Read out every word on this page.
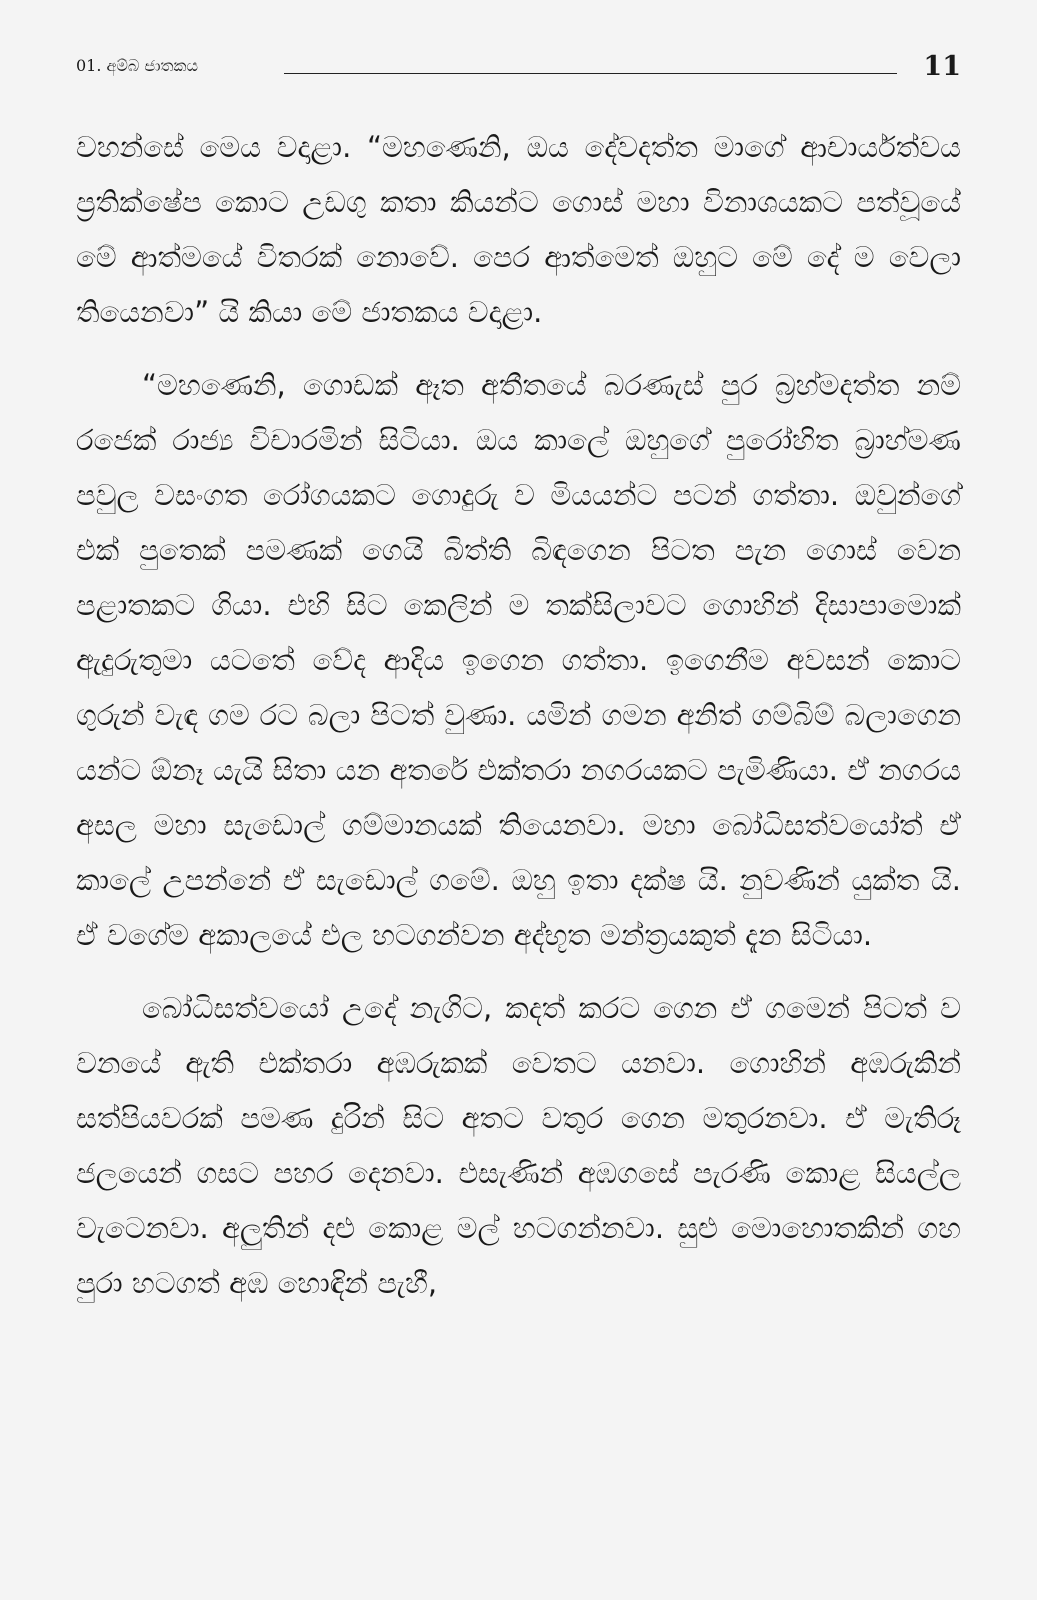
01. අම්බ ජාතකය	11

වහන්සේ මෙය වදාළා. “මහණෙනි, ඔය දේවදත්ත මාගේ ආචාර්යත්වය ප්‍රතික්ෂේප කොට උඩගු කතා කියන්ට ගොස් මහා විනාශයකට පත්වූයේ මේ ආත්මයේ විතරක් නොවේ. පෙර ආත්මෙත් ඔහුට මේ දේ ම වෙලා තියෙනවා” යි කියා මේ ජාතකය වදාළා.

“මහණෙනි, ගොඩක් ඈත අතීතයේ බරණැස් පුර බ්‍රහ්මදත්ත නම් රජෙක් රාජ්‍ය විචාරමින් සිටියා. ඔය කාලේ ඔහුගේ පුරෝහිත බ්‍රාහ්මණ පවුල වසංගත රෝගයකට ගොදුරු ව මියයන්ට පටන් ගත්තා. ඔවුන්ගේ එක් පුතෙක් පමණක් ගෙයි බිත්ති බිඳගෙන පිටත පැන ගොස් වෙන පළාතකට ගියා. එහි සිට කෙලින් ම තක්සිලාවට ගොහින් දිසාපාමොක් ඇදුරුතුමා යටතේ වේද ආදිය ඉගෙන ගත්තා. ඉගෙනීම අවසන් කොට ගුරුන් වැඳ ගම රට බලා පිටත් වුණා. යමින් ගමන අනිත් ගම්බිම් බලාගෙන යන්ට ඕනෑ යැයි සිතා යන අතරේ එක්තරා නගරයකට පැමිණියා. ඒ නගරය අසල මහා සැඩොල් ගම්මානයක් තියෙනවා. මහා බෝධිසත්වයෝත් ඒ කාලේ උපන්නේ ඒ සැඩොල් ගමේ. ඔහු ඉතා දක්ෂ යි. නුවණින් යුක්ත යි. ඒ වගේම අකාලයේ එල හටගන්වන අද්භූත මන්ත්‍රයකුත් දැන සිටියා.

බෝධිසත්වයෝ උදේ නැගිට, කදත් කරට ගෙන ඒ ගමෙන් පිටත් ව වනයේ ඇති එක්තරා අඹරුකක් වෙතට යනවා. ගොහින් අඹරුකින් සත්පියවරක් පමණ දුරින් සිට අතට වතුර ගෙන මතුරනවා. ඒ මැතිරූ ජලයෙන් ගසට පහර දෙනවා. එසැණින් අඹගසේ පැරණි කොළ සියල්ල වැටෙනවා. අලුතින් දළු කොළ මල් හටගන්නවා. සුළු මොහොතකින් ගහ පුරා හටගත් අඹ හොඳින් පැහී,
